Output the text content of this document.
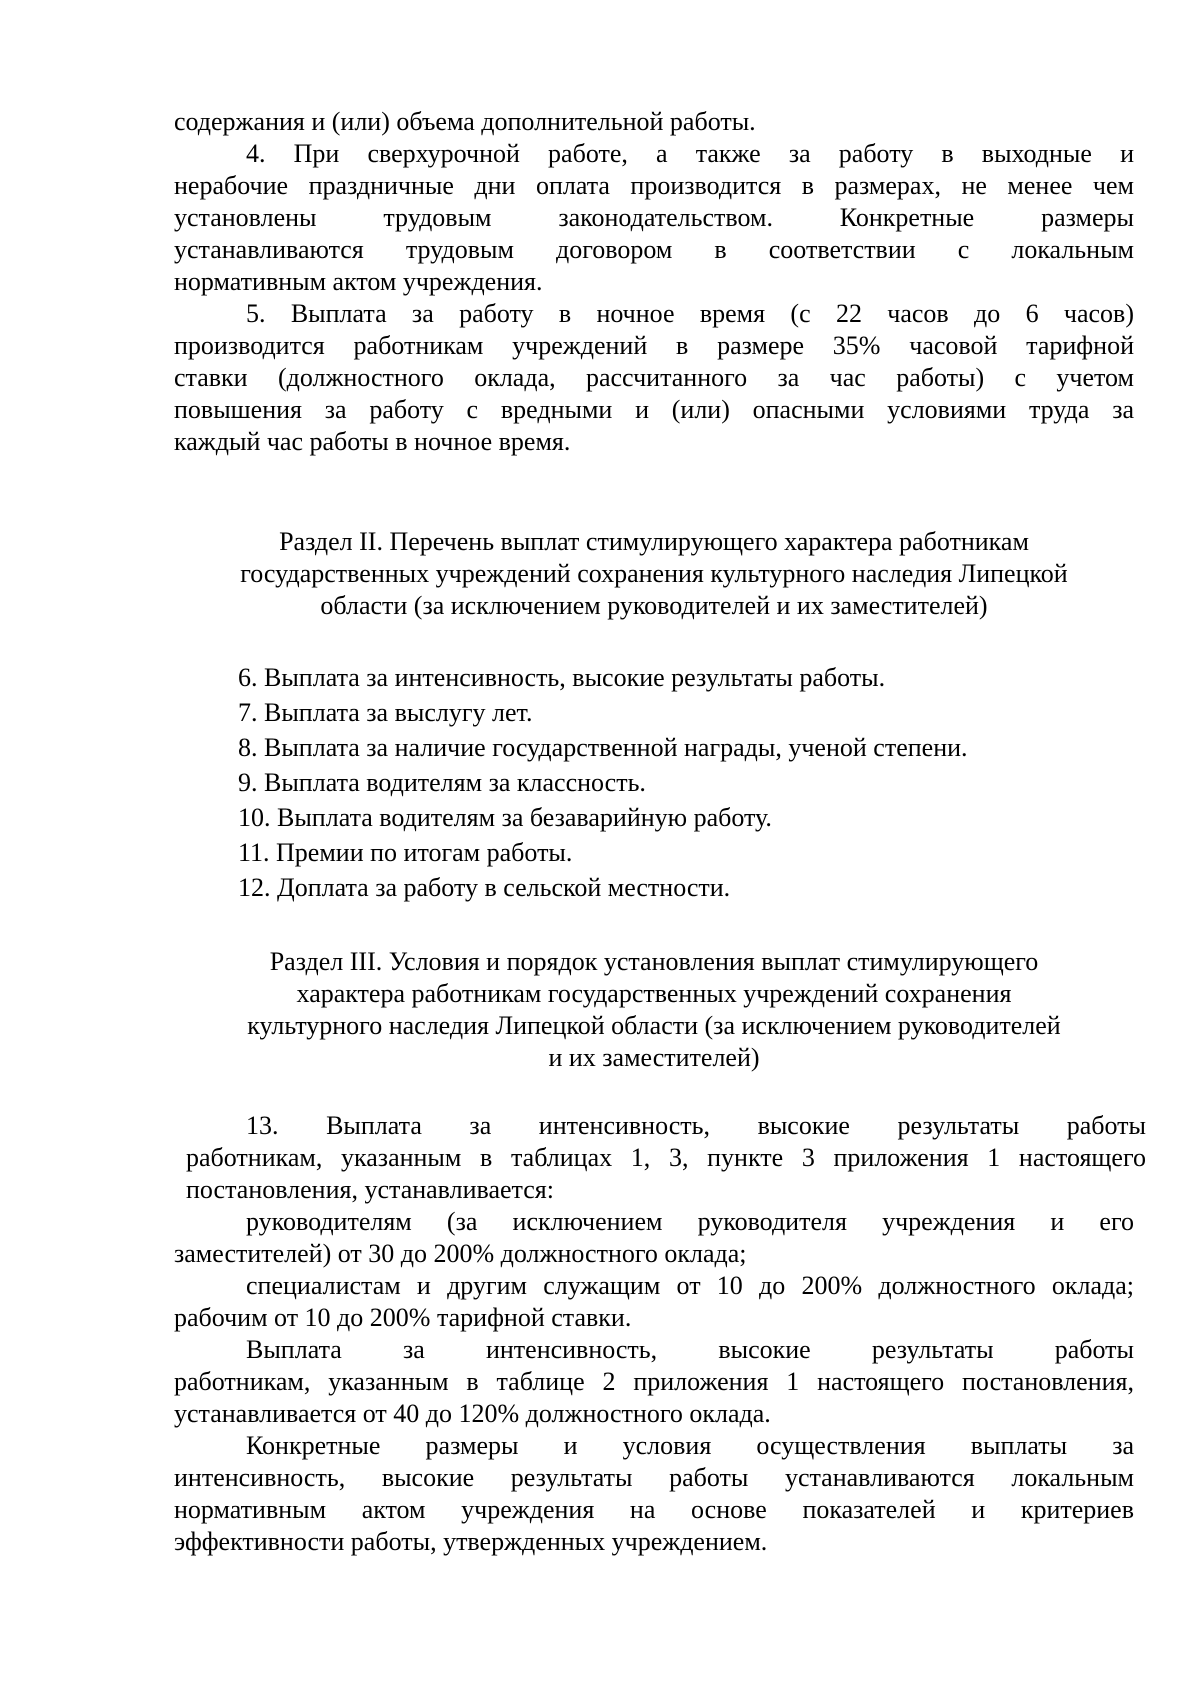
содержания и (или) объема дополнительной работы.
4. При сверхурочной работе, а также за работу в выходные и
нерабочие праздничные дни оплата производится в размерах, не менее чем
установлены трудовым законодательством. Конкретные размеры
устанавливаются трудовым договором в соответствии с локальным
нормативным актом учреждения.
5. Выплата за работу в ночное время (с 22 часов до 6 часов)
производится работникам учреждений в размере 35% часовой тарифной
ставки (должностного оклада, рассчитанного за час работы) с учетом
повышения за работу с вредными и (или) опасными условиями труда за
каждый час работы в ночное время.
Раздел II. Перечень выплат стимулирующего характера работникам
государственных учреждений сохранения культурного наследия Липецкой
области (за исключением руководителей и их заместителей)
6. Выплата за интенсивность, высокие результаты работы.
7. Выплата за выслугу лет.
8. Выплата за наличие государственной награды, ученой степени.
9. Выплата водителям за классность.
10. Выплата водителям за безаварийную работу.
11. Премии по итогам работы.
12. Доплата за работу в сельской местности.
Раздел III. Условия и порядок установления выплат стимулирующего
характера работникам государственных учреждений сохранения
культурного наследия Липецкой области (за исключением руководителей
и их заместителей)
13. Выплата за интенсивность, высокие результаты работы
работникам, указанным в таблицах 1, 3, пункте 3 приложения 1 настоящего
постановления, устанавливается:
руководителям (за исключением руководителя учреждения и его
заместителей) от 30 до 200% должностного оклада;
специалистам и другим служащим от 10 до 200% должностного оклада;
рабочим от 10 до 200% тарифной ставки.
Выплата за интенсивность, высокие результаты работы
работникам, указанным в таблице 2 приложения 1 настоящего постановления,
устанавливается от 40 до 120% должностного оклада.
Конкретные размеры и условия осуществления выплаты за
интенсивность, высокие результаты работы устанавливаются локальным
нормативным актом учреждения на основе показателей и критериев
эффективности работы, утвержденных учреждением.
